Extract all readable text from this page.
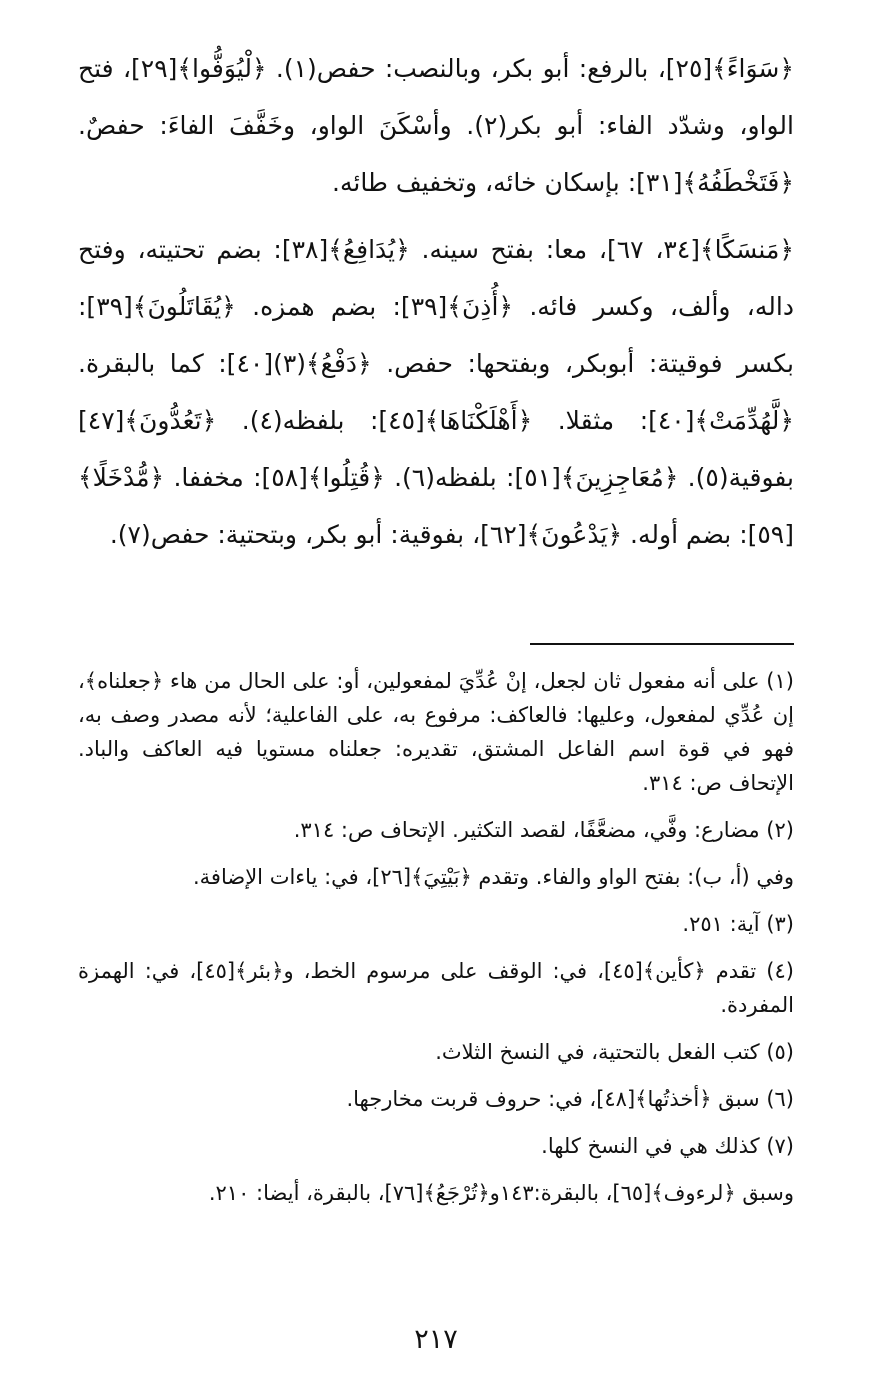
﴿سَوَاءً﴾[٢٥]، بالرفع: أبو بكر، وبالنصب: حفص(١). ﴿لْيُوَفُّوا﴾[٢٩]، فتح الواو، وشدّد الفاء: أبو بكر(٢). وأسْكَنَ الواو، وخَفَّفَ الفاءَ: حفصٌ. ﴿فَتَخْطَفُهُ﴾[٣١]: بإسكان خائه، وتخفيف طائه.

﴿مَنسَكًا﴾[٣٤، ٦٧]، معا: بفتح سينه. ﴿يُدَافِعُ﴾[٣٨]: بضم تحتيته، وفتح داله، وألف، وكسر فائه. ﴿أُذِنَ﴾[٣٩]: بضم همزه. ﴿يُقَاتَلُونَ﴾[٣٩]: بكسر فوقيتة: أبوبكر، وبفتحها: حفص. ﴿دَفْعُ﴾(٣)[٤٠]: كما بالبقرة. ﴿لَّهُدِّمَتْ﴾[٤٠]: مثقلا. ﴿أَهْلَكْنَاهَا﴾[٤٥]: بلفظه(٤). ﴿تَعُدُّونَ﴾[٤٧] بفوقية(٥). ﴿مُعَاجِزِينَ﴾[٥١]: بلفظه(٦). ﴿قُتِلُوا﴾[٥٨]: مخففا. ﴿مُّدْخَلًا﴾[٥٩]: بضم أوله. ﴿يَدْعُونَ﴾[٦٢]، بفوقية: أبو بكر، وبتحتية: حفص(٧).

(١) على أنه مفعول ثان لجعل، إنْ عُدِّيَ لمفعولين، أو: على الحال من هاء ﴿جعلناه﴾، إن عُدِّي لمفعول، وعليها: فالعاكف: مرفوع به، على الفاعلية؛ لأنه مصدر وصف به، فهو في قوة اسم الفاعل المشتق، تقديره: جعلناه مستويا فيه العاكف والباد. الإتحاف ص: ٣١٤.

(٢) مضارع: وفَّي، مضعَّفًا، لقصد التكثير. الإتحاف ص: ٣١٤.

وفي (أ، ب): بفتح الواو والفاء. وتقدم ﴿بَيْتِيَ﴾[٢٦]، في: ياءات الإضافة.

(٣) آية: ٢٥١.

(٤) تقدم ﴿كأين﴾[٤٥]، في: الوقف على مرسوم الخط، و﴿بئر﴾[٤٥]، في: الهمزة المفردة.

(٥) كتب الفعل بالتحتية، في النسخ الثلاث.

(٦) سبق ﴿أخذتُها﴾[٤٨]، في: حروف قربت مخارجها.

(٧) كذلك هي في النسخ كلها.

وسبق ﴿لرءوف﴾[٦٥]، بالبقرة:١٤٣و﴿تُرْجَعُ﴾[٧٦]، بالبقرة، أيضا: ٢١٠.

٢١٧
